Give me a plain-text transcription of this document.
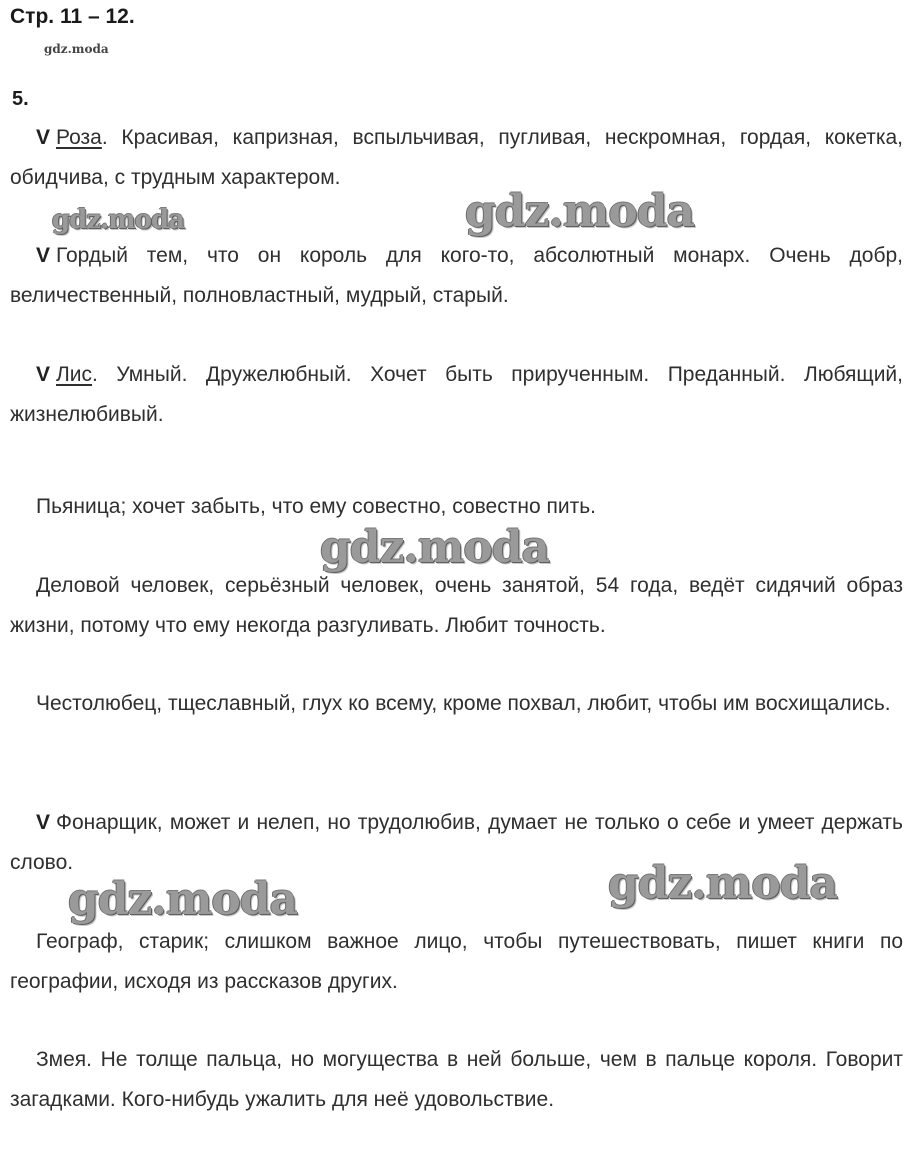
Стр. 11 – 12.
gdz.moda
5.
V Роза. Красивая, капризная, вспыльчивая, пугливая, нескромная, гордая, кокетка, обидчива, с трудным характером.
V Гордый тем, что он король для кого-то, абсолютный монарх. Очень добр, величественный, полновластный, мудрый, старый.
V Лис. Умный. Дружелюбный. Хочет быть прирученным. Преданный. Любящий, жизнелюбивый.
Пьяница; хочет забыть, что ему совестно, совестно пить.
Деловой человек, серьёзный человек, очень занятой, 54 года, ведёт сидячий образ жизни, потому что ему некогда разгуливать. Любит точность.
Честолюбец, тщеславный, глух ко всему, кроме похвал, любит, чтобы им восхищались.
V Фонарщик, может и нелеп, но трудолюбив, думает не только о себе и умеет держать слово.
Географ, старик; слишком важное лицо, чтобы путешествовать, пишет книги по географии, исходя из рассказов других.
Змея. Не толще пальца, но могущества в ней больше, чем в пальце короля. Говорит загадками. Кого-нибудь ужалить для неё удовольствие.
gdz.moda	gdz.moda
gdz.moda
gdz.moda	gdz.moda
